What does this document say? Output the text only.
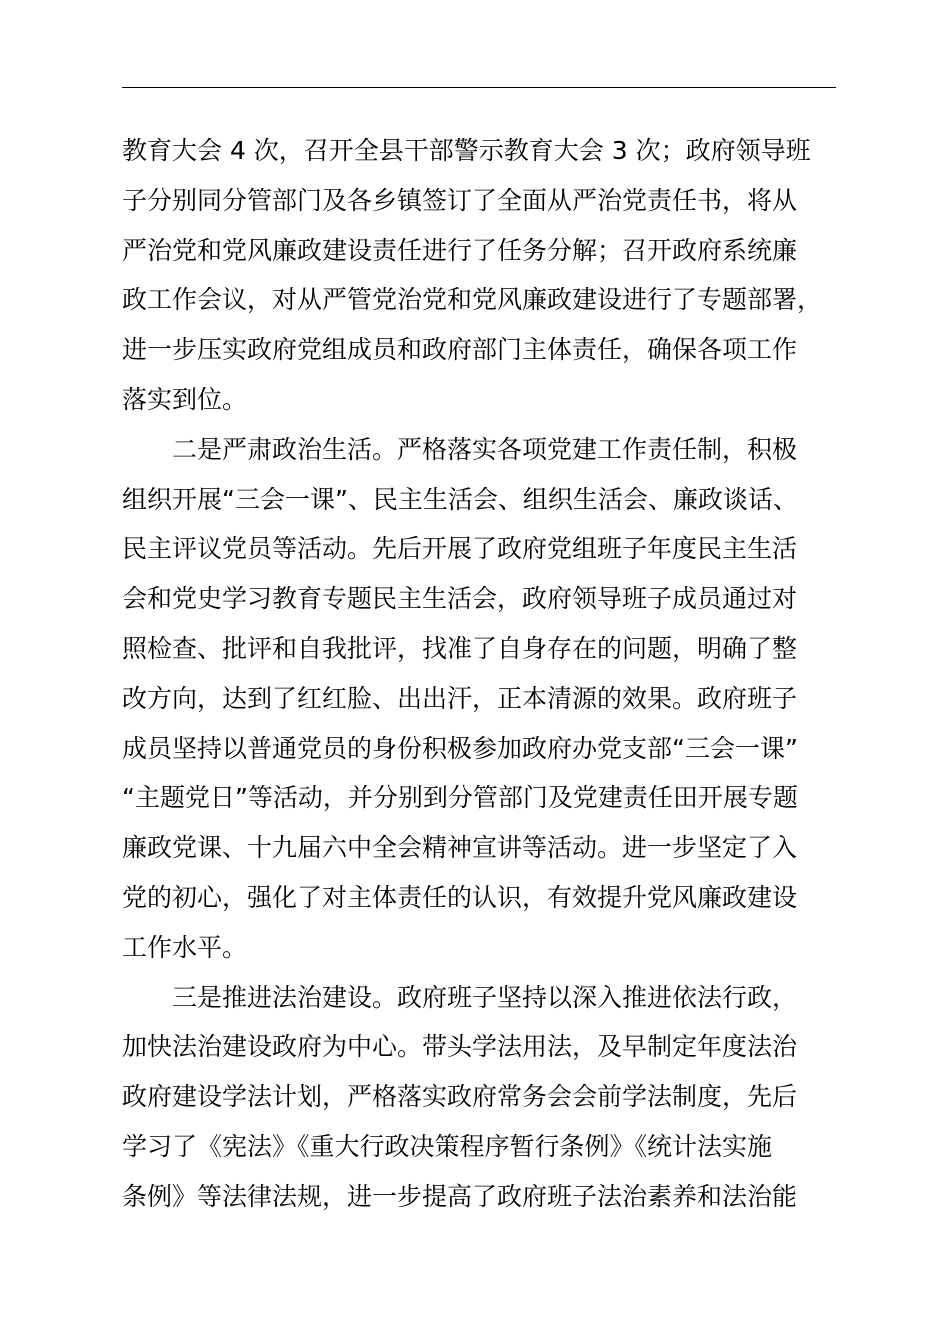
教育大会 4 次，召开全县干部警示教育大会 3 次；政府领导班
子分别同分管部门及各乡镇签订了全面从严治党责任书，将从
严治党和党风廉政建设责任进行了任务分解；召开政府系统廉
政工作会议，对从严管党治党和党风廉政建设进行了专题部署，
进一步压实政府党组成员和政府部门主体责任，确保各项工作
落实到位。
二是严肃政治生活。严格落实各项党建工作责任制，积极
组织开展“三会一课”、民主生活会、组织生活会、廉政谈话、
民主评议党员等活动。先后开展了政府党组班子年度民主生活
会和党史学习教育专题民主生活会，政府领导班子成员通过对
照检查、批评和自我批评，找准了自身存在的问题，明确了整
改方向，达到了红红脸、出出汗，正本清源的效果。政府班子
成员坚持以普通党员的身份积极参加政府办党支部“三会一课”
“主题党日”等活动，并分别到分管部门及党建责任田开展专题
廉政党课、十九届六中全会精神宣讲等活动。进一步坚定了入
党的初心，强化了对主体责任的认识，有效提升党风廉政建设
工作水平。
三是推进法治建设。政府班子坚持以深入推进依法行政，
加快法治建设政府为中心。带头学法用法，及早制定年度法治
政府建设学法计划，严格落实政府常务会会前学法制度，先后
学习了《宪法》《重大行政决策程序暂行条例》《统计法实施
条例》等法律法规，进一步提高了政府班子法治素养和法治能
